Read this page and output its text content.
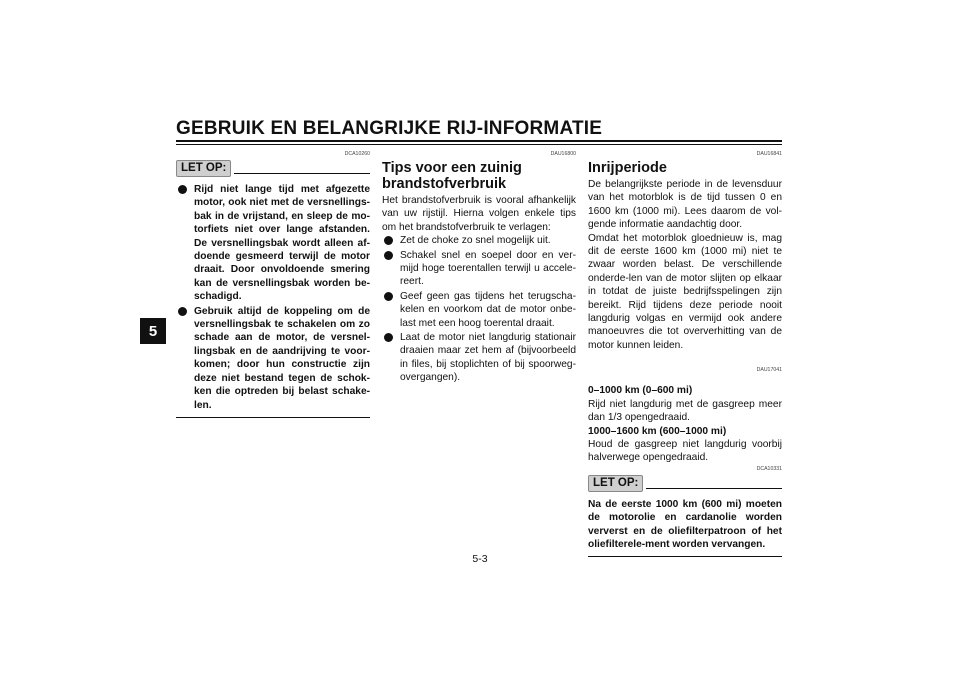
GEBRUIK EN BELANGRIJKE RIJ-INFORMATIE
5
DCA10260
LET OP:
Rijd niet lange tijd met afgezette motor, ook niet met de versnellings-bak in de vrijstand, en sleep de mo-torfiets niet over lange afstanden. De versnellingsbak wordt alleen af-doende gesmeerd terwijl de motor draait. Door onvoldoende smering kan de versnellingsbak worden be-schadigd.
Gebruik altijd de koppeling om de versnellingsbak te schakelen om zo schade aan de motor, de versnel-lingsbak en de aandrijving te voor-komen; door hun constructie zijn deze niet bestand tegen de schok-ken die optreden bij belast schake-len.
DAU16800
Tips voor een zuinig brandstofverbruik
Het brandstofverbruik is vooral afhankelijk van uw rijstijl. Hierna volgen enkele tips om het brandstofverbruik te verlagen:
Zet de choke zo snel mogelijk uit.
Schakel snel en soepel door en ver-mijd hoge toerentallen terwijl u accele-reert.
Geef geen gas tijdens het terugscha-kelen en voorkom dat de motor onbe-last met een hoog toerental draait.
Laat de motor niet langdurig stationair draaien maar zet hem af (bijvoorbeeld in files, bij stoplichten of bij spoorweg-overgangen).
DAU16841
Inrijperiode
De belangrijkste periode in de levensduur van het motorblok is de tijd tussen 0 en 1600 km (1000 mi). Lees daarom de vol-gende informatie aandachtig door.
Omdat het motorblok gloednieuw is, mag dit de eerste 1600 km (1000 mi) niet te zwaar worden belast. De verschillende onderde-len van de motor slijten op elkaar in totdat de juiste bedrijfsspelingen zijn bereikt. Rijd tijdens deze periode nooit langdurig volgas en vermijd ook andere manoeuvres die tot oververhitting van de motor kunnen leiden.
DAU17041
0–1000 km (0–600 mi)
Rijd niet langdurig met de gasgreep meer dan 1/3 opengedraaid.
1000–1600 km (600–1000 mi)
Houd de gasgreep niet langdurig voorbij halverwege opengedraaid.
DCA10331
LET OP:
Na de eerste 1000 km (600 mi) moeten de motorolie en cardanolie worden ververst en de oliefilterpatroon of het oliefilterele-ment worden vervangen.
5-3
